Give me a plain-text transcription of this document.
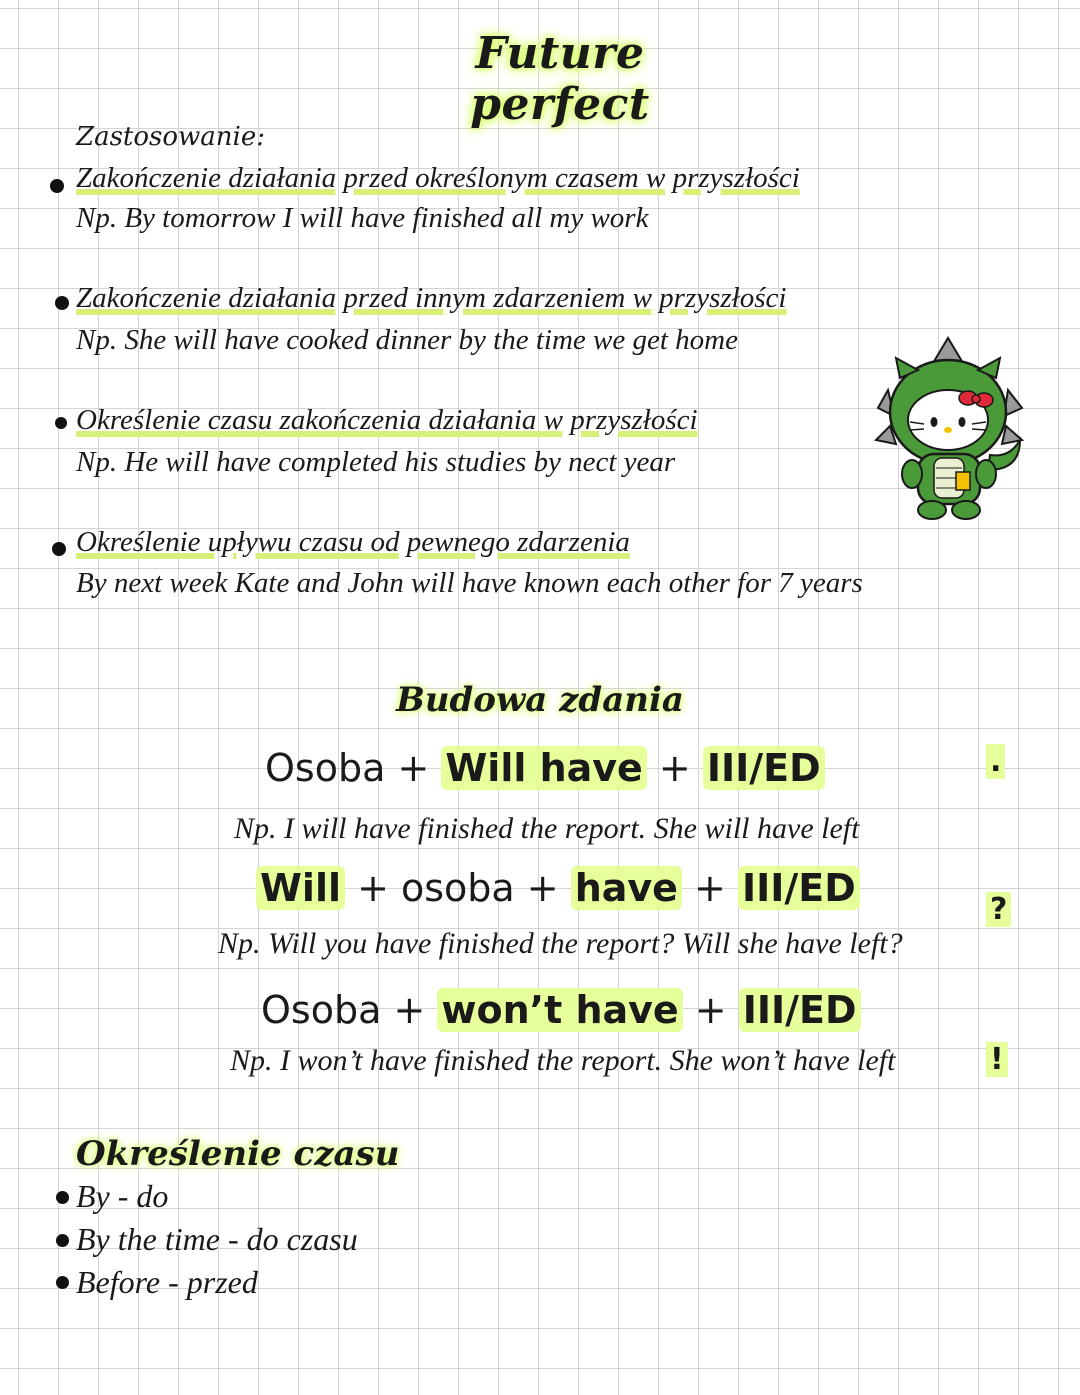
Future perfect
Zastosowanie:
Zakończenie działania przed określonym czasem w przyszłości
Np. By tomorrow I will have finished all my work
Zakończenie działania przed innym zdarzeniem w przyszłości
Np. She will have cooked dinner by the time we get home
Określenie czasu zakończenia działania w przyszłości
Np. He will have completed his studies by nect year
Określenie upływu czasu od pewnego zdarzenia
By next week Kate and John will have known each other for 7 years
Budowa zdania
Osoba + Will have + III/ED	.
Np. I will have finished the report. She will have left
Will + osoba + have + III/ED	?
Np. Will you have finished the report? Will she have left?
Osoba + won’t have + III/ED
!
Np. I won’t have finished the report. She won’t have left
Określenie czasu
By - do
By the time - do czasu
Before - przed
